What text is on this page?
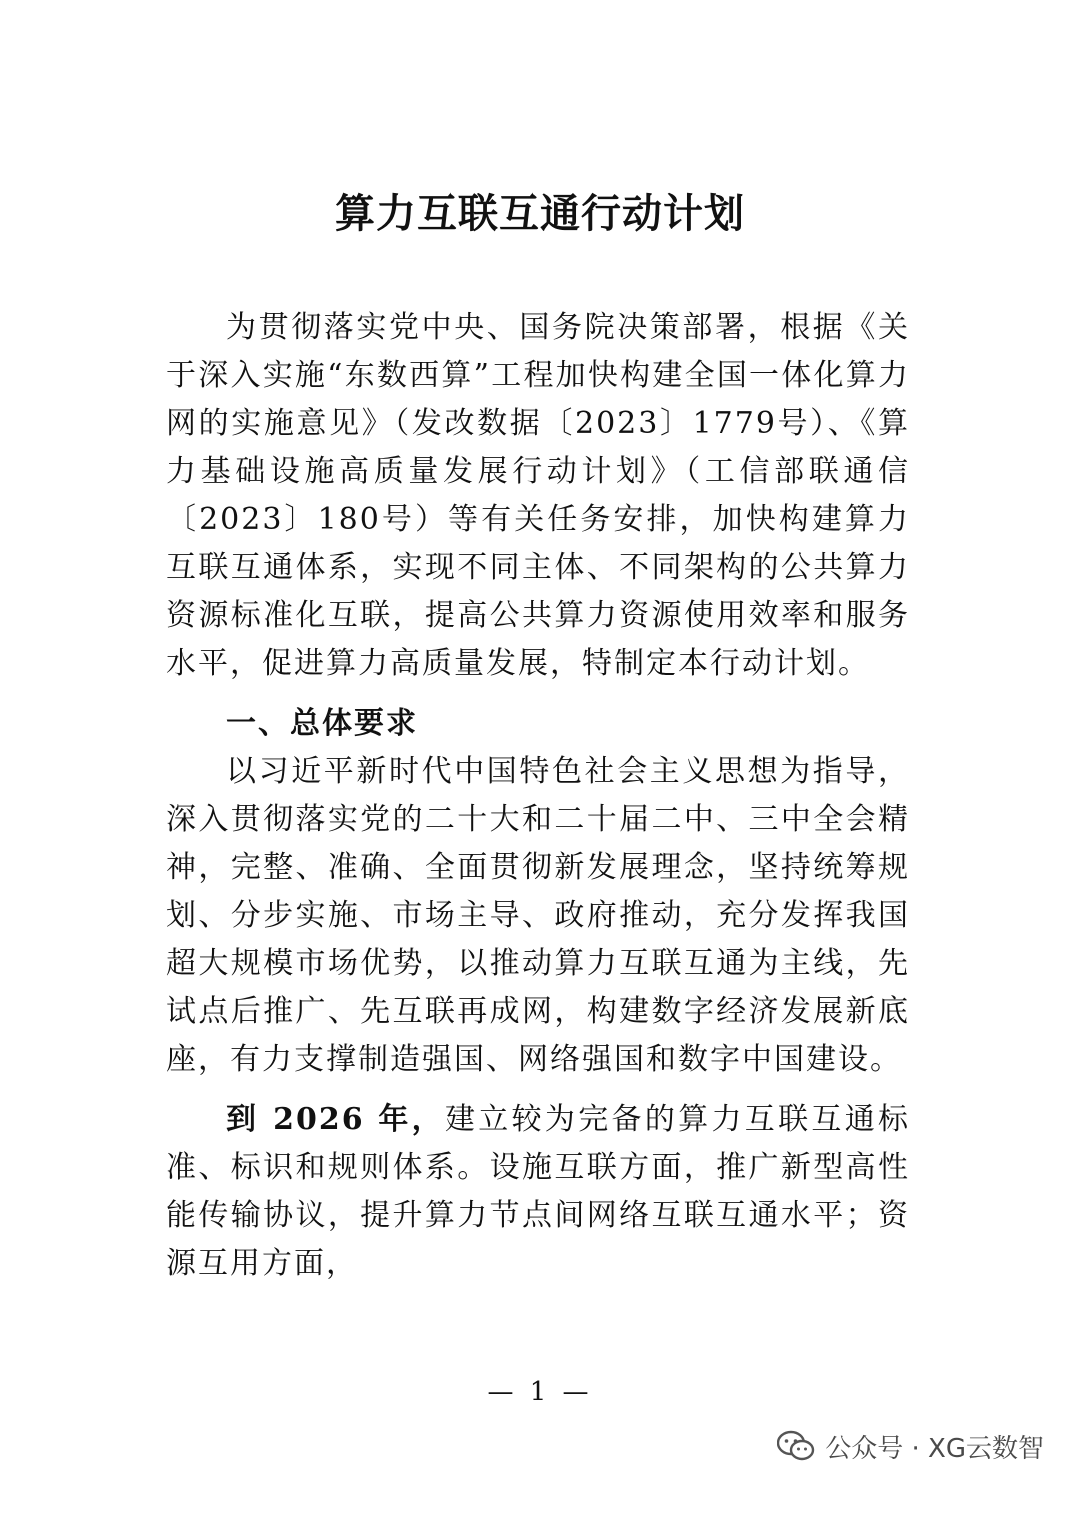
算力互联互通行动计划

为贯彻落实党中央、国务院决策部署，根据《关于深入实施“东数西算”工程加快构建全国一体化算力网的实施意见》（发改数据〔2023〕1779号）、《算力基础设施高质量发展行动计划》（工信部联通信〔2023〕180号）等有关任务安排，加快构建算力互联互通体系，实现不同主体、不同架构的公共算力资源标准化互联，提高公共算力资源使用效率和服务水平，促进算力高质量发展，特制定本行动计划。

一、总体要求

以习近平新时代中国特色社会主义思想为指导，深入贯彻落实党的二十大和二十届二中、三中全会精神，完整、准确、全面贯彻新发展理念，坚持统筹规划、分步实施、市场主导、政府推动，充分发挥我国超大规模市场优势，以推动算力互联互通为主线，先试点后推广、先互联再成网，构建数字经济发展新底座，有力支撑制造强国、网络强国和数字中国建设。

到 2026 年，建立较为完备的算力互联互通标准、标识和规则体系。设施互联方面，推广新型高性能传输协议，提升算力节点间网络互联互通水平；资源互用方面，

— 1 —
公众号 · XG云数智
